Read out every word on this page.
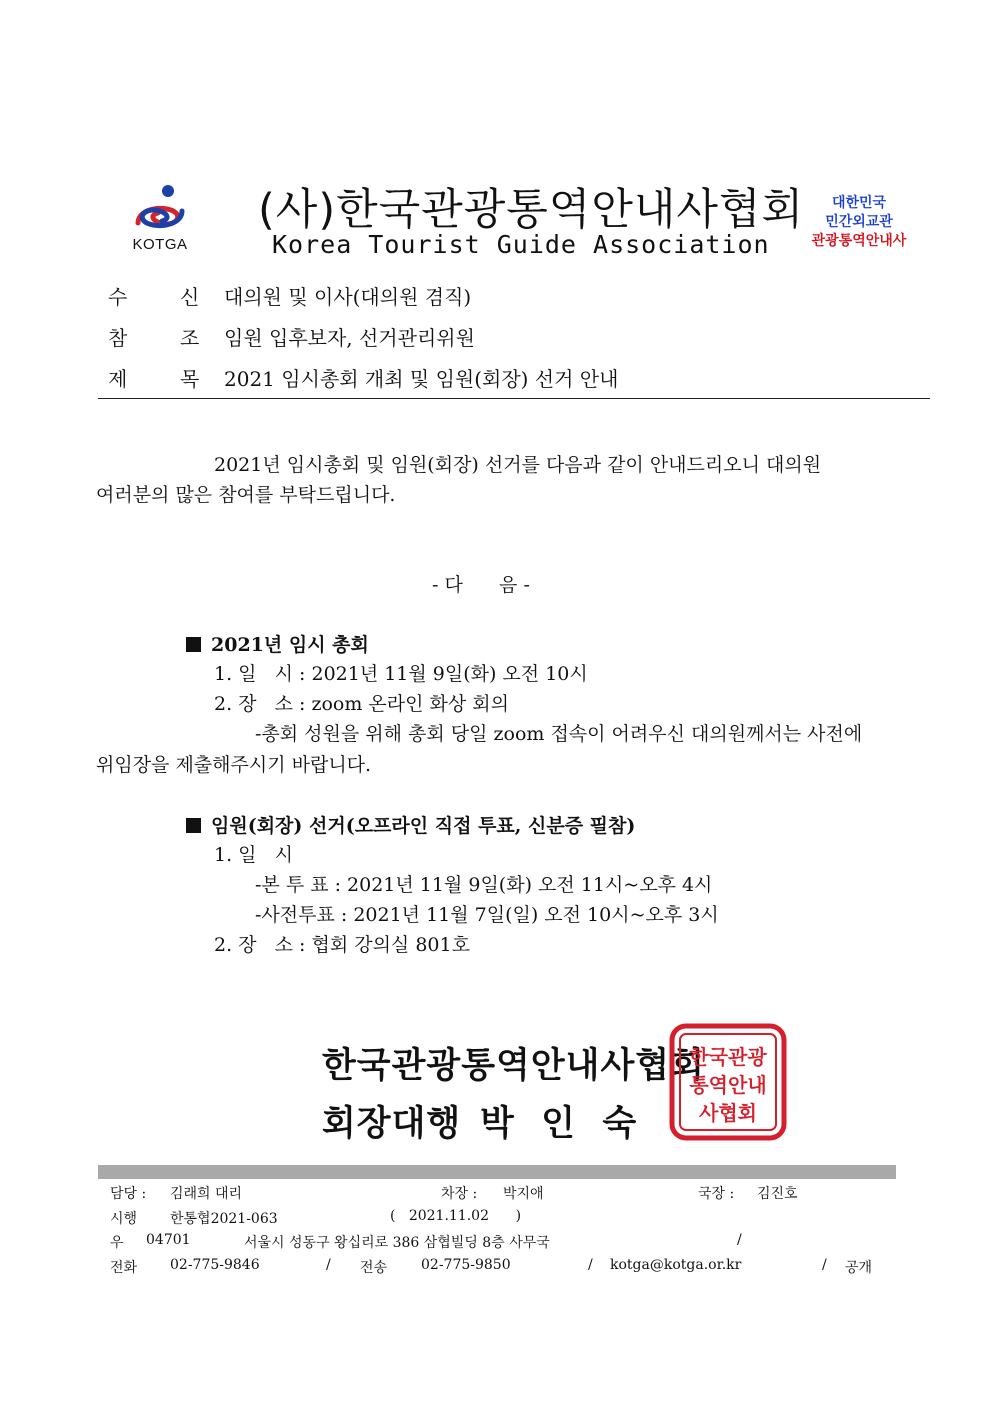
KOTGA
(사)한국관광통역안내사협회
Korea Tourist Guide Association
대한민국
민간외교관
관광통역안내사
수	신	대의원 및 이사(대의원 겸직)
참	조	임원 입후보자, 선거관리위원
제	목	2021 임시총회 개최 및 임원(회장) 선거 안내
2021년 임시총회 및 임원(회장) 선거를 다음과 같이 안내드리오니 대의원
여러분의 많은 참여를 부탁드립니다.
- 다      음 -
2021년 임시 총회
1. 일   시 : 2021년 11월 9일(화) 오전 10시
2. 장   소 : zoom 온라인 화상 회의
-총회 성원을 위해 총회 당일 zoom 접속이 어려우신 대의원께서는 사전에
위임장을 제출해주시기 바랍니다.
임원(회장) 선거(오프라인 직접 투표, 신분증 필참)
1. 일   시
-본 투 표 : 2021년 11월 9일(화) 오전 11시~오후 4시
-사전투표 : 2021년 11월 7일(일) 오전 10시~오후 3시
2. 장   소 : 협회 강의실 801호
한국관광통역안내사협회
회장대행 박  인  숙
한국관광
통역안내
사협회
담당 : 김래희 대리	차장 : 박지애	국장 : 김진호
시행 한통협2021-063	(   2021.11.02      )
우 04701	서울시 성동구 왕십리로 386 삼협빌딩 8층 사무국	/
전화 02-775-9846	/ 전송 02-775-9850	/ kotga@kotga.or.kr	/ 공개
